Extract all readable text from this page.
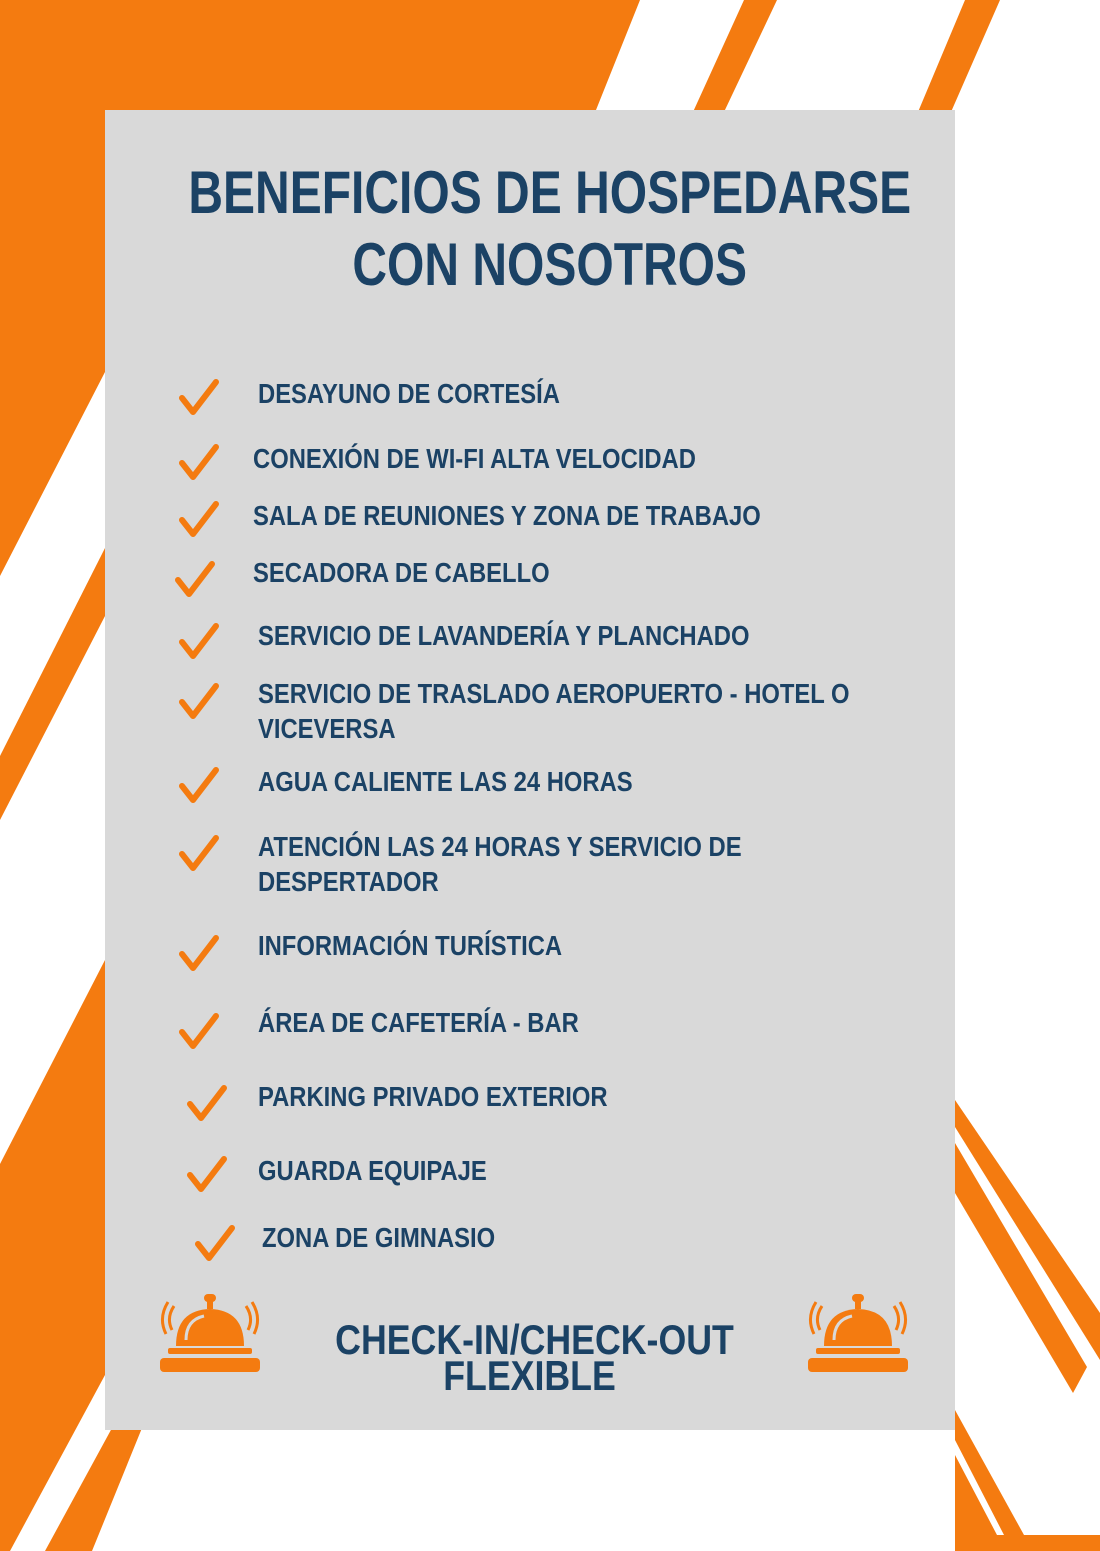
BENEFICIOS DE HOSPEDARSE
CON NOSOTROS
DESAYUNO DE CORTESÍA
CONEXIÓN DE WI-FI ALTA VELOCIDAD
SALA DE REUNIONES Y ZONA DE TRABAJO
SECADORA DE CABELLO
SERVICIO DE LAVANDERÍA Y PLANCHADO
SERVICIO DE TRASLADO AEROPUERTO - HOTEL O
VICEVERSA
AGUA CALIENTE LAS 24 HORAS
ATENCIÓN LAS 24 HORAS Y SERVICIO DE
DESPERTADOR
INFORMACIÓN TURÍSTICA
ÁREA DE CAFETERÍA - BAR
PARKING PRIVADO EXTERIOR
GUARDA EQUIPAJE
ZONA DE GIMNASIO
CHECK-IN/CHECK-OUT
FLEXIBLE
